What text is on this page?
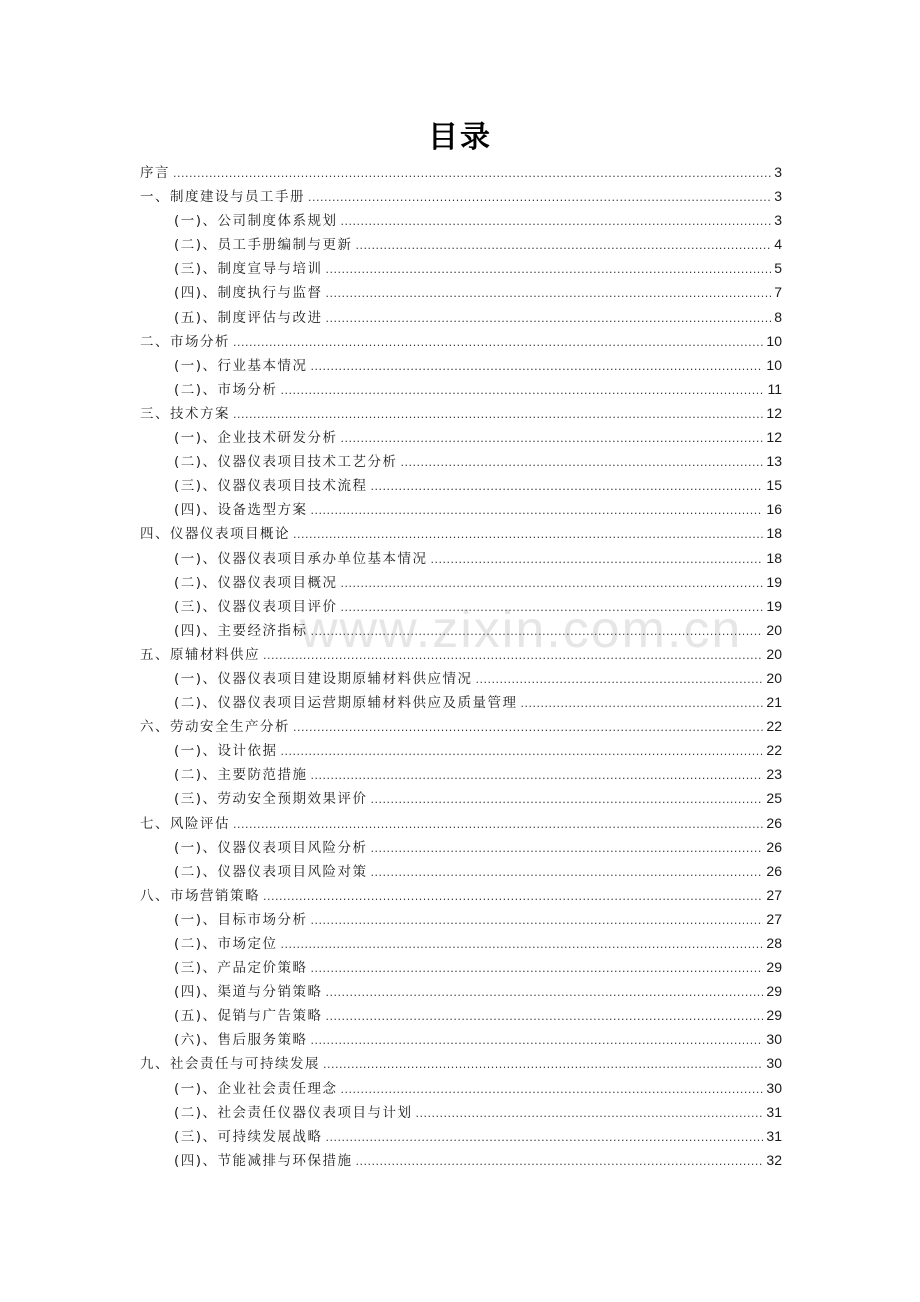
www.zixin.com.cn
目录
序言 . . .	3
一、制度建设与员工手册 . . .	3
(一)、公司制度体系规划 . . .	3
(二)、员工手册编制与更新 . . .	4
(三)、制度宣导与培训 . . .	5
(四)、制度执行与监督 . . .	7
(五)、制度评估与改进 . . .	8
二、市场分析 . . .	10
(一)、行业基本情况 . . .	10
(二)、市场分析 . . .	11
三、技术方案 . . .	12
(一)、企业技术研发分析 . . .	12
(二)、仪器仪表项目技术工艺分析 . . .	13
(三)、仪器仪表项目技术流程 . . .	15
(四)、设备选型方案 . . .	16
四、仪器仪表项目概论 . . .	18
(一)、仪器仪表项目承办单位基本情况 . . .	18
(二)、仪器仪表项目概况 . . .	19
(三)、仪器仪表项目评价 . . .	19
(四)、主要经济指标 . . .	20
五、原辅材料供应 . . .	20
(一)、仪器仪表项目建设期原辅材料供应情况 . . .	20
(二)、仪器仪表项目运营期原辅材料供应及质量管理 . . .	21
六、劳动安全生产分析 . . .	22
(一)、设计依据 . . .	22
(二)、主要防范措施 . . .	23
(三)、劳动安全预期效果评价 . . .	25
七、风险评估 . . .	26
(一)、仪器仪表项目风险分析 . . .	26
(二)、仪器仪表项目风险对策 . . .	26
八、市场营销策略 . . .	27
(一)、目标市场分析 . . .	27
(二)、市场定位 . . .	28
(三)、产品定价策略 . . .	29
(四)、渠道与分销策略 . . .	29
(五)、促销与广告策略 . . .	29
(六)、售后服务策略 . . .	30
九、社会责任与可持续发展 . . .	30
(一)、企业社会责任理念 . . .	30
(二)、社会责任仪器仪表项目与计划 . . .	31
(三)、可持续发展战略 . . .	31
(四)、节能减排与环保措施 . . .	32
